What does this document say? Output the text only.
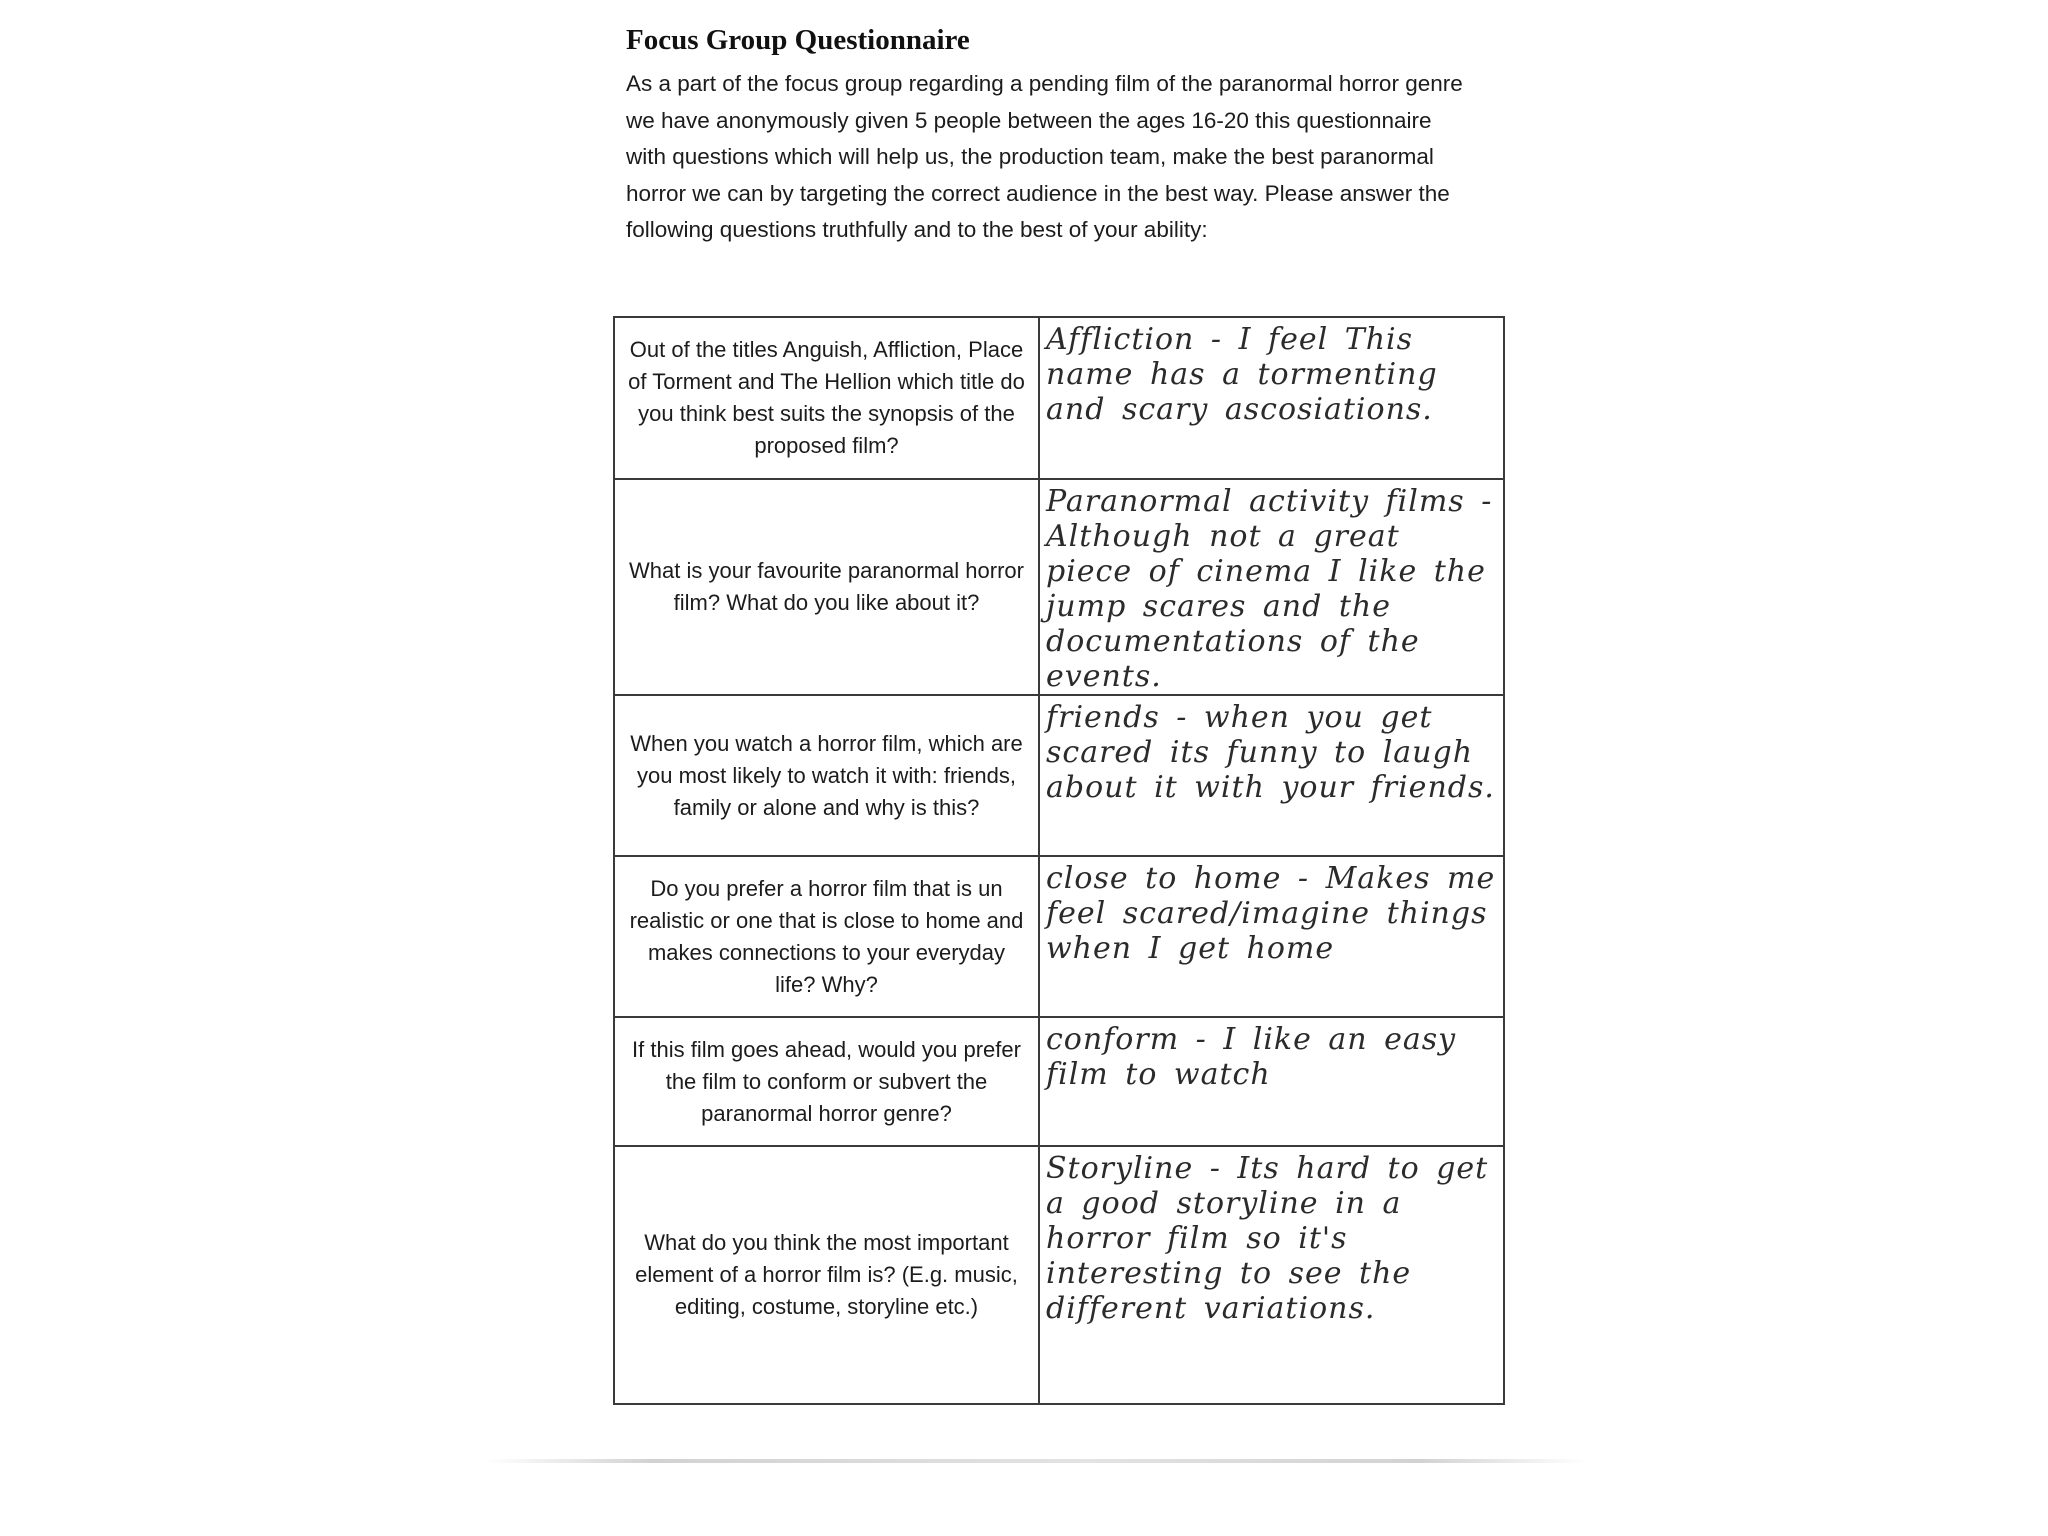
Focus Group Questionnaire

As a part of the focus group regarding a pending film of the paranormal horror genre we have anonymously given 5 people between the ages 16-20 this questionnaire with questions which will help us, the production team, make the best paranormal horror we can by targeting the correct audience in the best way. Please answer the following questions truthfully and to the best of your ability:

Out of the titles Anguish, Affliction, Place of Torment and The Hellion which title do you think best suits the synopsis of the proposed film?	Affliction - I feel This name has a tormenting and scary ascosiations.
What is your favourite paranormal horror film? What do you like about it?	Paranormal activity films - Although not a great piece of cinema I like the jump scares and the documentations of the events.
When you watch a horror film, which are you most likely to watch it with: friends, family or alone and why is this?	friends - when you get scared its funny to laugh about it with your friends.
Do you prefer a horror film that is un realistic or one that is close to home and makes connections to your everyday life? Why?	close to home - Makes me feel scared/imagine things when I get home
If this film goes ahead, would you prefer the film to conform or subvert the paranormal horror genre?	conform - I like an easy film to watch
What do you think the most important element of a horror film is? (E.g. music, editing, costume, storyline etc.)	Storyline - Its hard to get a good storyline in a horror film so it's interesting to see the different variations.
